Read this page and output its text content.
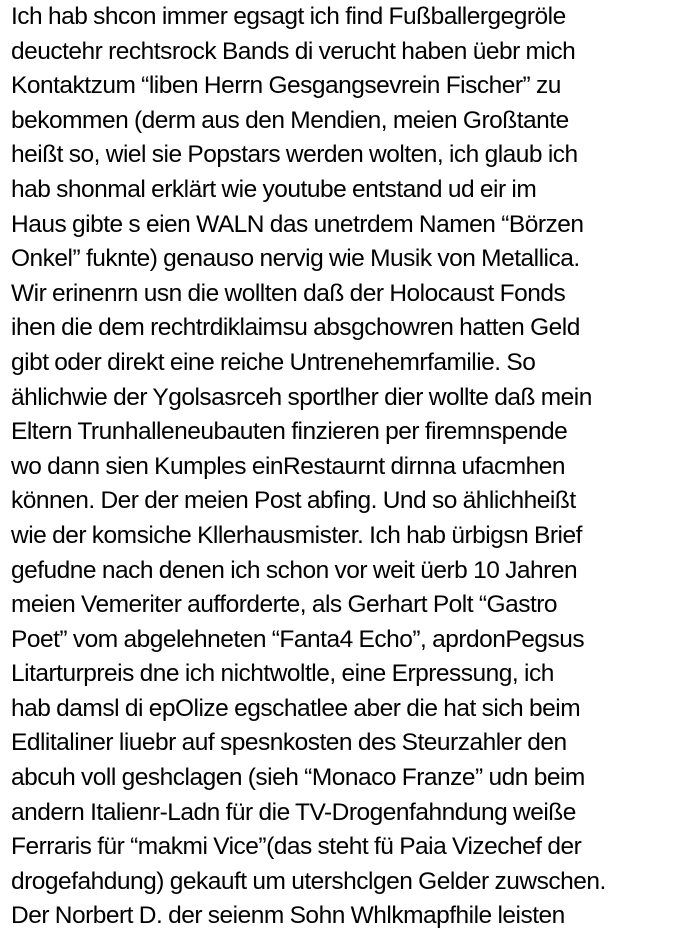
Ich hab shcon immer egsagt ich find Fußballergegröle
deuctehr rechtsrock Bands di verucht haben üebr mich
Kontaktzum “liben Herrn Gesgangsevrein Fischer” zu
bekommen (derm aus den Mendien, meien Großtante
heißt so, wiel sie Popstars werden wolten, ich glaub ich
hab shonmal erklärt wie youtube entstand ud eir im
Haus gibte s eien WALN das unetrdem Namen “Börzen
Onkel” fuknte) genauso nervig wie Musik von Metallica.
Wir erinenrn usn die wollten daß der Holocaust Fonds
ihen die dem rechtrdiklaimsu absgchowren hatten Geld
gibt oder direkt eine reiche Untrenehemrfamilie. So
ählichwie der Ygolsasrceh sportlher dier wollte daß mein
Eltern Trunhalleneubauten finzieren per firemnspende
wo dann sien Kumples einRestaurnt dirnna ufacmhen
können. Der der meien Post abfing. Und so ählichheißt
wie der komsiche Kllerhausmister. Ich hab ürbigsn Brief
gefudne nach denen ich schon vor weit üerb 10 Jahren
meien Vemeriter aufforderte, als Gerhart Polt “Gastro
Poet” vom abgelehneten “Fanta4 Echo”, aprdonPegsus
Litarturpreis dne ich nichtwoltle, eine Erpressung, ich
hab damsl di epOlize egschatlee aber die hat sich beim
Edlitaliner liuebr auf spesnkosten des Steurzahler den
abcuh voll geshclagen (sieh “Monaco Franze” udn beim
andern Italienr-Ladn für die TV-Drogenfahndung weiße
Ferraris für “makmi Vice”(das steht fü Paia Vizechef der
drogefahdung) gekauft um utershclgen Gelder zuwschen.
Der Norbert D. der seienm Sohn Whlkmapfhile leisten
